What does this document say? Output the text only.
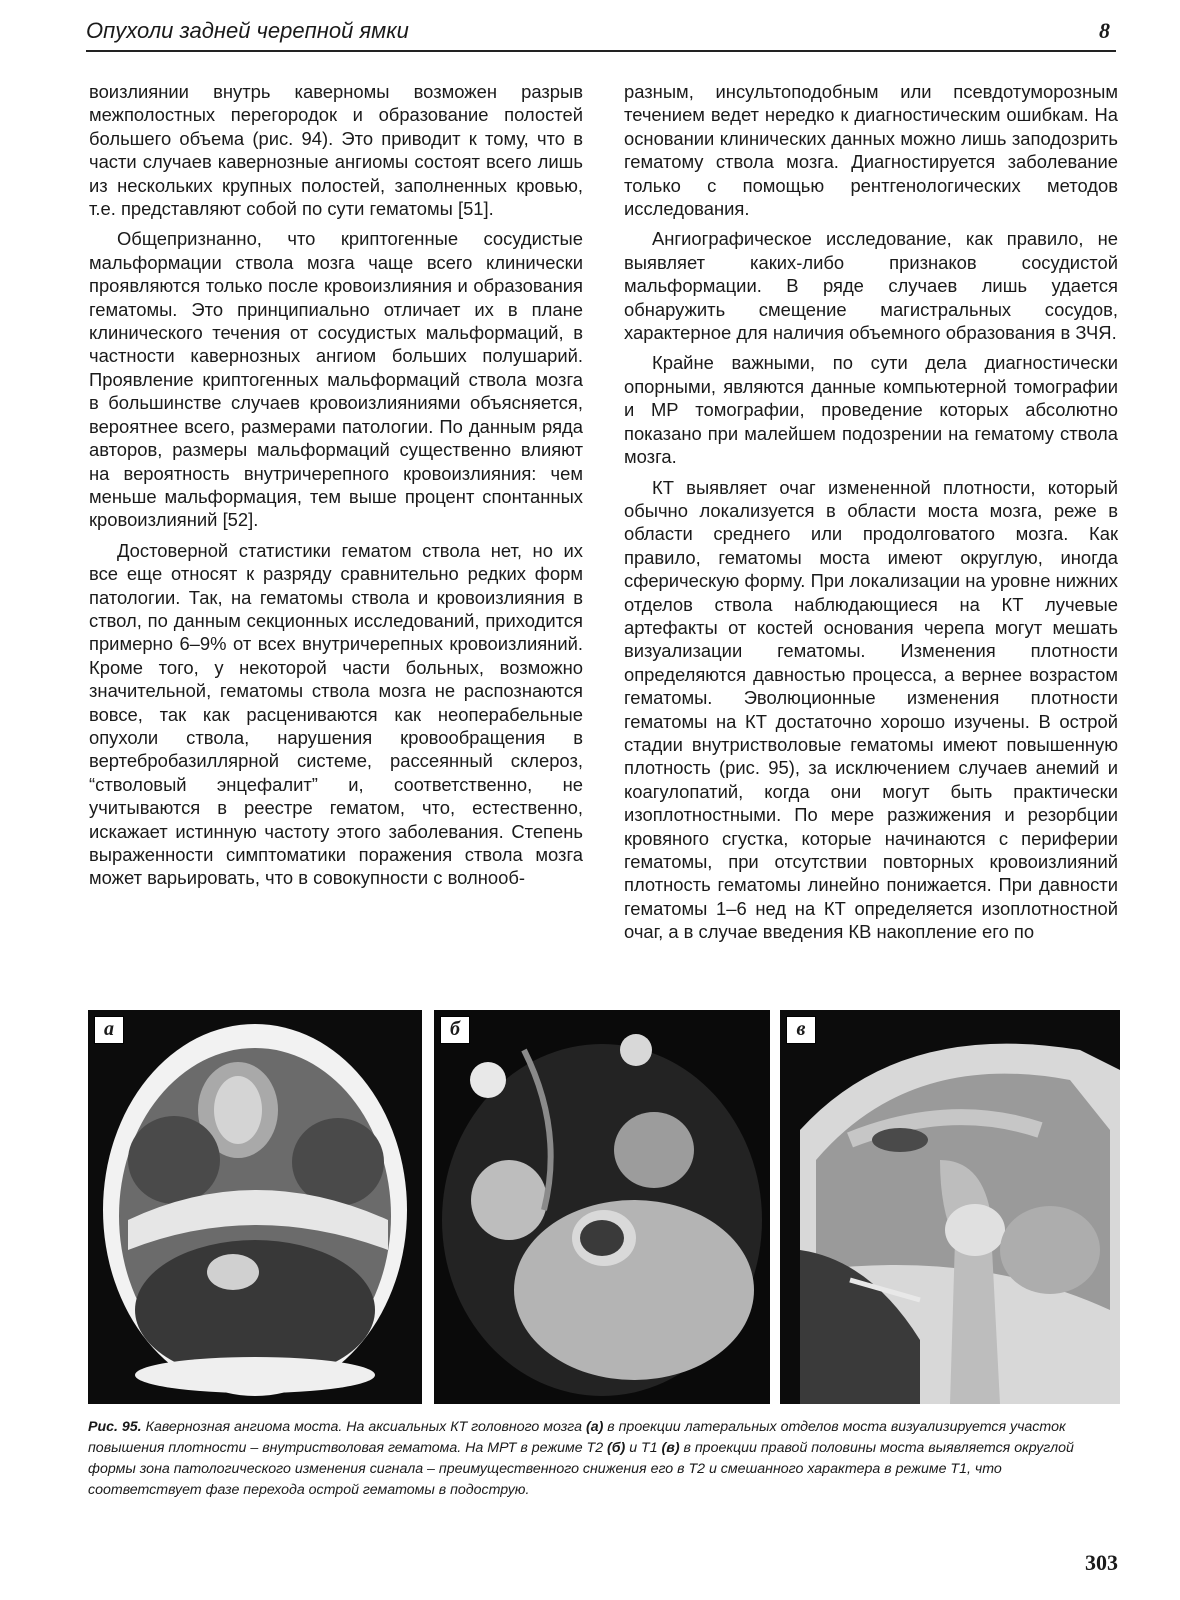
Опухоли задней черепной ямки	8

воизлиянии внутрь каверномы возможен разрыв межполостных перегородок и образование полостей большего объема (рис. 94). Это приводит к тому, что в части случаев кавернозные ангиомы состоят всего лишь из нескольких крупных полостей, заполненных кровью, т.е. представляют собой по сути гематомы [51].

Общепризнанно, что криптогенные сосудистые мальформации ствола мозга чаще всего клинически проявляются только после кровоизлияния и образования гематомы. Это принципиально отличает их в плане клинического течения от сосудистых мальформаций, в частности кавернозных ангиом больших полушарий. Проявление криптогенных мальформаций ствола мозга в большинстве случаев кровоизлияниями объясняется, вероятнее всего, размерами патологии. По данным ряда авторов, размеры мальформаций существенно влияют на вероятность внутричерепного кровоизлияния: чем меньше мальформация, тем выше процент спонтанных кровоизлияний [52].

Достоверной статистики гематом ствола нет, но их все еще относят к разряду сравнительно редких форм патологии. Так, на гематомы ствола и кровоизлияния в ствол, по данным секционных исследований, приходится примерно 6–9% от всех внутричерепных кровоизлияний. Кроме того, у некоторой части больных, возможно значительной, гематомы ствола мозга не распознаются вовсе, так как расцениваются как неоперабельные опухоли ствола, нарушения кровообращения в вертебробазиллярной системе, рассеянный склероз, “стволовый энцефалит” и, соответственно, не учитываются в реестре гематом, что, естественно, искажает истинную частоту этого заболевания. Степень выраженности симптоматики поражения ствола мозга может варьировать, что в совокупности с волнооб-

разным, инсультоподобным или псевдотуморозным течением ведет нередко к диагностическим ошибкам. На основании клинических данных можно лишь заподозрить гематому ствола мозга. Диагностируется заболевание только с помощью рентгенологических методов исследования.

Ангиографическое исследование, как правило, не выявляет каких-либо признаков сосудистой мальформации. В ряде случаев лишь удается обнаружить смещение магистральных сосудов, характерное для наличия объемного образования в ЗЧЯ.

Крайне важными, по сути дела диагностически опорными, являются данные компьютерной томографии и МР томографии, проведение которых абсолютно показано при малейшем подозрении на гематому ствола мозга.

КТ выявляет очаг измененной плотности, который обычно локализуется в области моста мозга, реже в области среднего или продолговатого мозга. Как правило, гематомы моста имеют округлую, иногда сферическую форму. При локализации на уровне нижних отделов ствола наблюдающиеся на КТ лучевые артефакты от костей основания черепа могут мешать визуализации гематомы. Изменения плотности определяются давностью процесса, а вернее возрастом гематомы. Эволюционные изменения плотности гематомы на КТ достаточно хорошо изучены. В острой стадии внутристволовые гематомы имеют повышенную плотность (рис. 95), за исключением случаев анемий и коагулопатий, когда они могут быть практически изоплотностными. По мере разжижения и резорбции кровяного сгустка, которые начинаются с периферии гематомы, при отсутствии повторных кровоизлияний плотность гематомы линейно понижается. При давности гематомы 1–6 нед на КТ определяется изоплотностной очаг, а в случае введения КВ накопление его по

а	б	в
Рис. 95. Кавернозная ангиома моста. На аксиальных КТ головного мозга (а) в проекции латеральных отделов моста визуализируется участок повышения плотности – внутристволовая гематома. На МРТ в режиме Т2 (б) и Т1 (в) в проекции правой половины моста выявляется округлой формы зона патологического изменения сигнала – преимущественного снижения его в Т2 и смешанного характера в режиме Т1, что соответствует фазе перехода острой гематомы в подострую.
303
